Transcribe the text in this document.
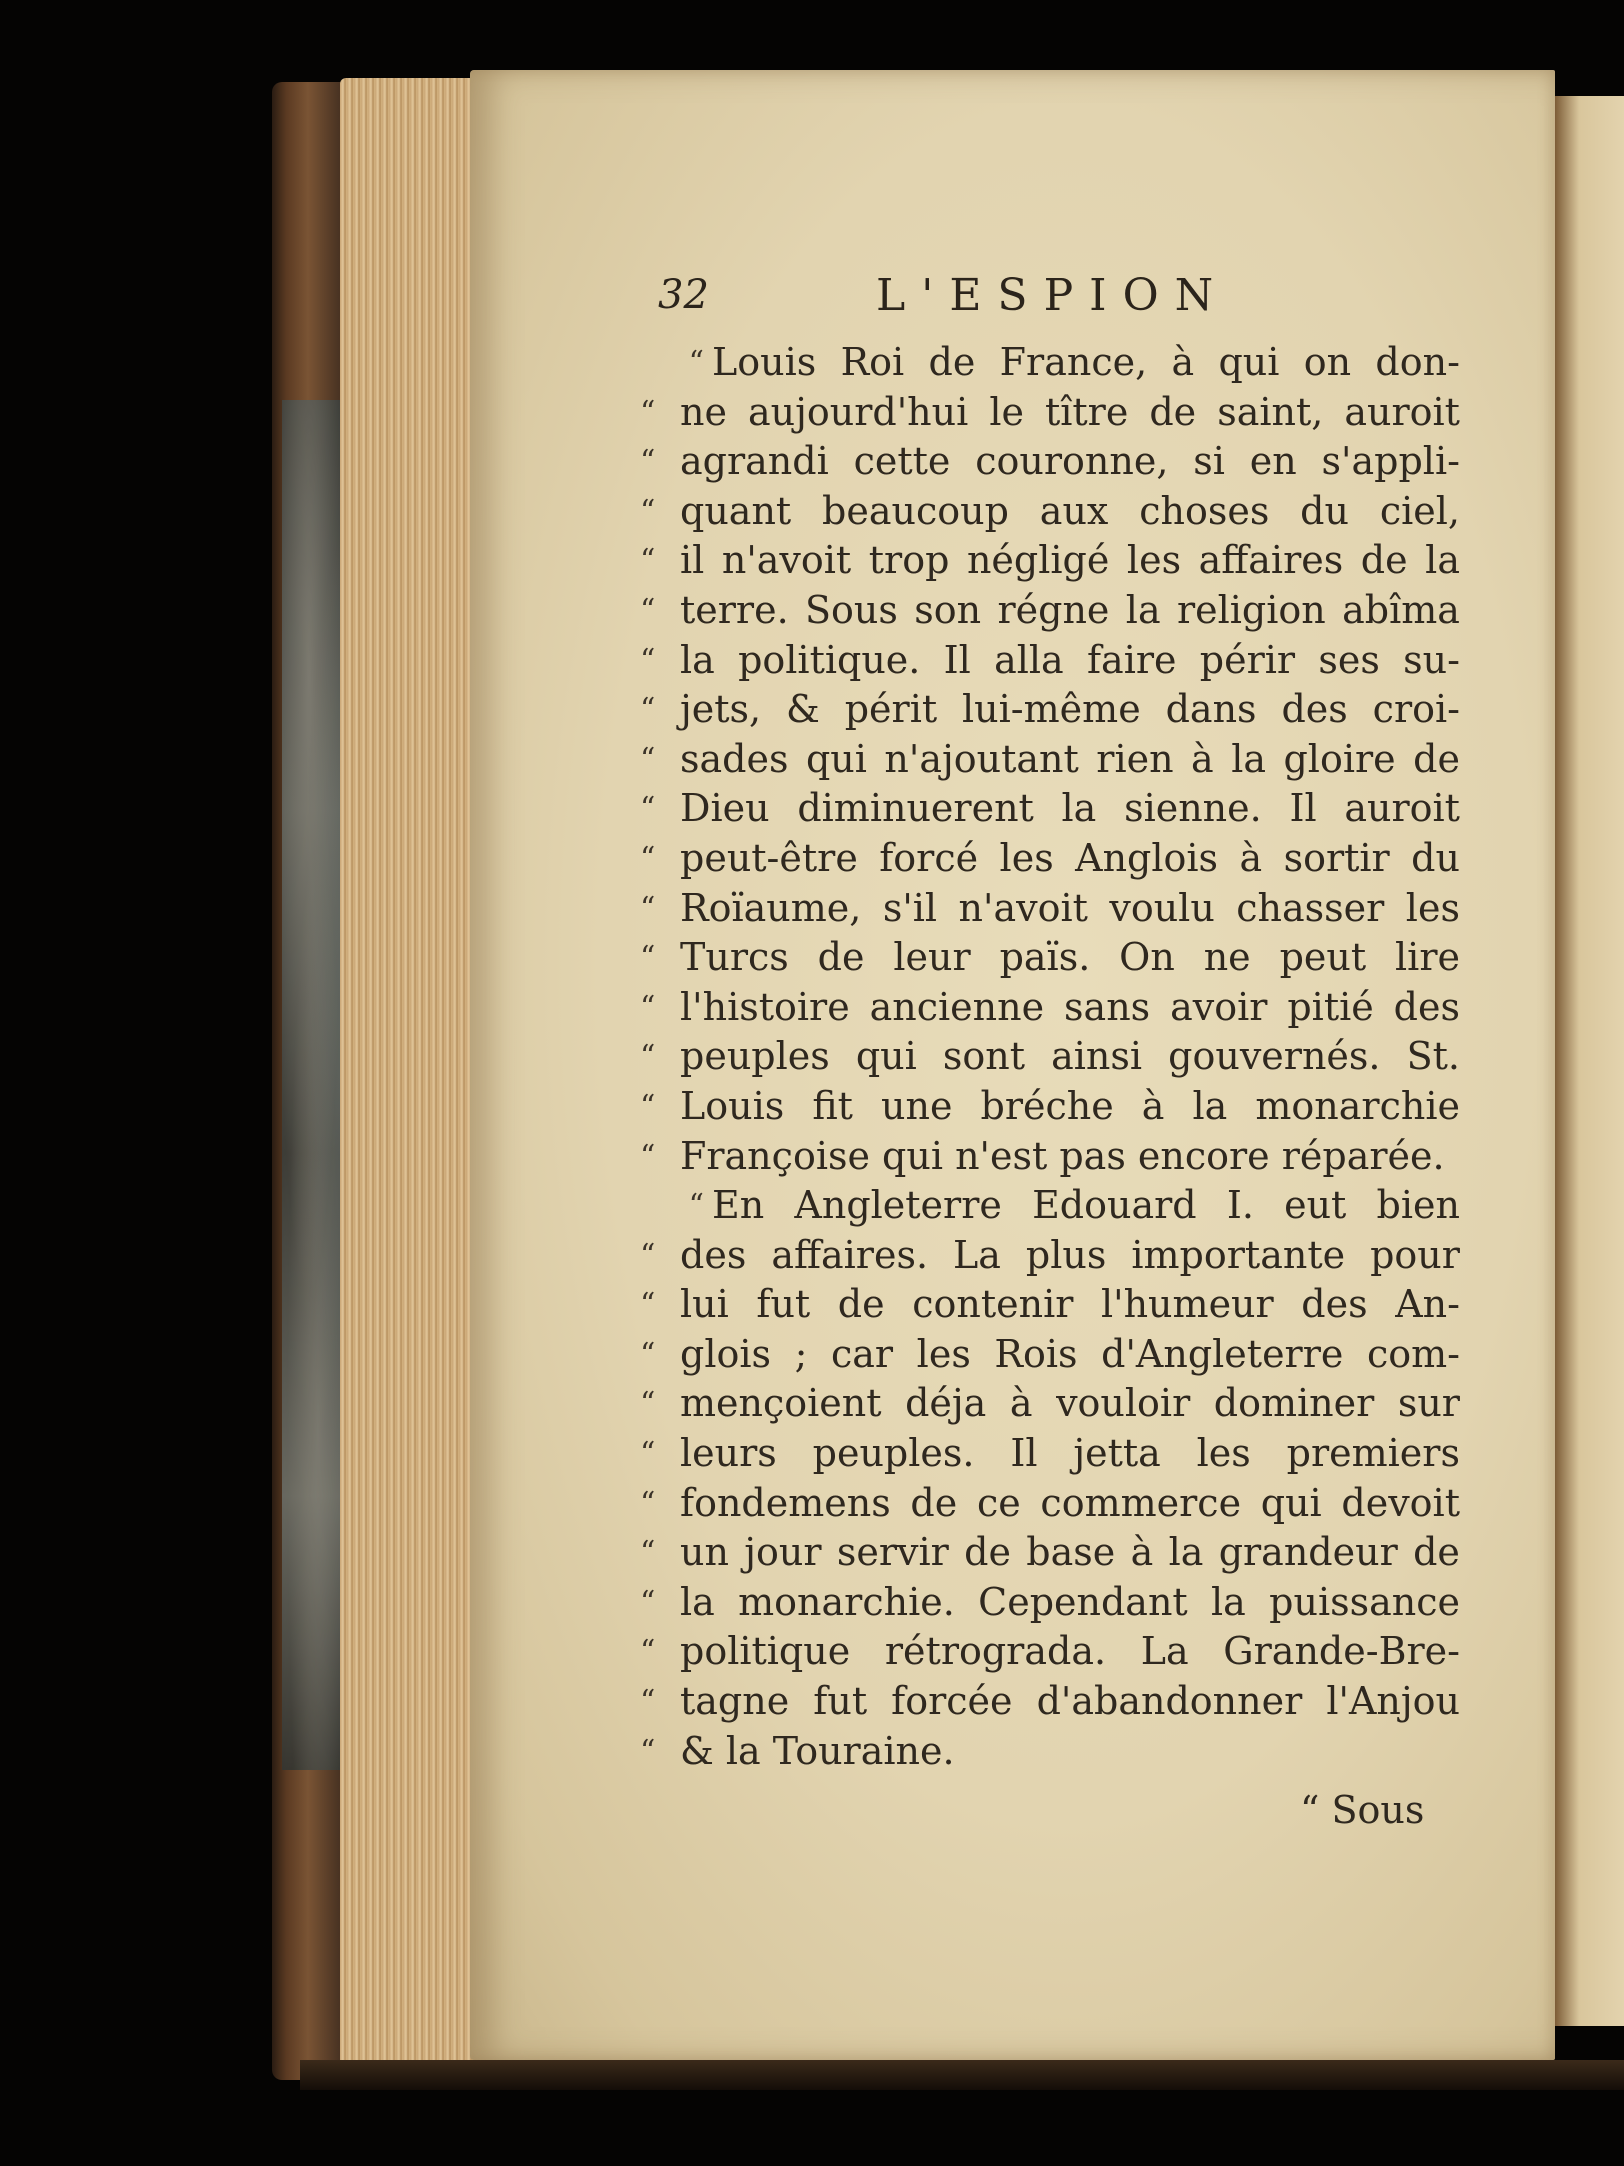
32	L'ESPION
“ Louis Roi de France, à qui on don-
“ ne aujourd'hui le tître de saint, auroit
“ agrandi cette couronne, si en s'appli-
“ quant beaucoup aux choses du ciel,
“ il n'avoit trop négligé les affaires de la
“ terre. Sous son régne la religion abîma
“ la politique. Il alla faire périr ses su-
“ jets, & périt lui-même dans des croi-
“ sades qui n'ajoutant rien à la gloire de
“ Dieu diminuerent la sienne. Il auroit
“ peut-être forcé les Anglois à sortir du
“ Roïaume, s'il n'avoit voulu chasser les
“ Turcs de leur païs. On ne peut lire
“ l'histoire ancienne sans avoir pitié des
“ peuples qui sont ainsi gouvernés. St.
“ Louis fit une bréche à la monarchie
“ Françoise qui n'est pas encore réparée.
“ En Angleterre Edouard I. eut bien
“ des affaires. La plus importante pour
“ lui fut de contenir l'humeur des An-
“ glois ; car les Rois d'Angleterre com-
“ mençoient déja à vouloir dominer sur
“ leurs peuples. Il jetta les premiers
“ fondemens de ce commerce qui devoit
“ un jour servir de base à la grandeur de
“ la monarchie. Cependant la puissance
“ politique rétrograda. La Grande-Bre-
“ tagne fut forcée d'abandonner l'Anjou
“ & la Touraine.
“ Sous
